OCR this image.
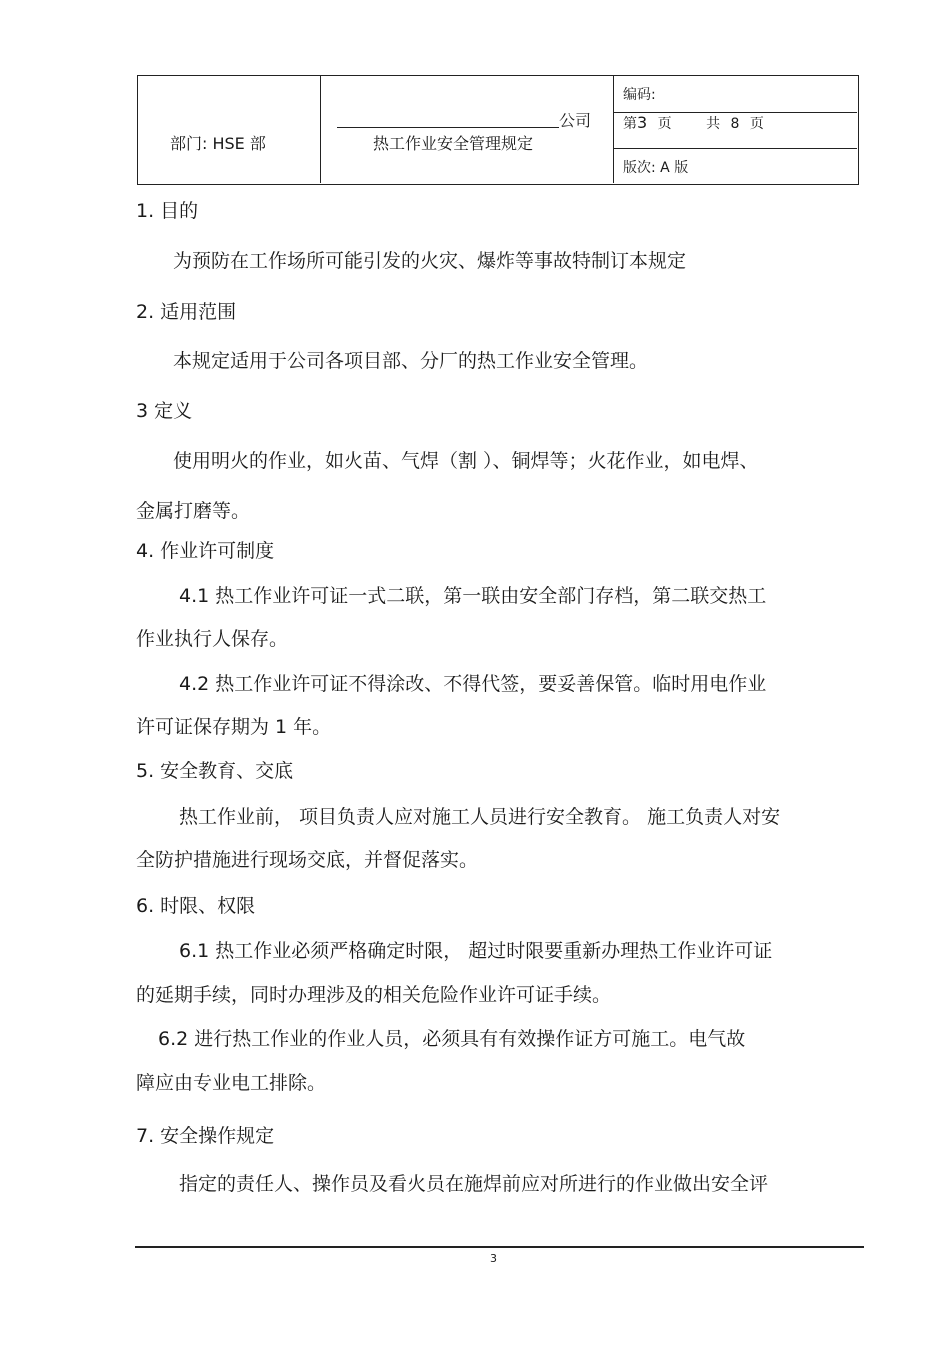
部门: HSE 部
公司
热工作业安全管理规定
编码:
第3 页 共 8 页
版次: A 版
1. 目的
为预防在工作场所可能引发的火灾、爆炸等事故特制订本规定
2. 适用范围
本规定适用于公司各项目部、分厂的热工作业安全管理。
3 定义
使用明火的作业，如火苗、气焊（割 ）、铜焊等；火花作业，如电焊、
金属打磨等。
4. 作业许可制度
4.1 热工作业许可证一式二联，第一联由安全部门存档，第二联交热工
作业执行人保存。
4.2 热工作业许可证不得涂改、不得代签，要妥善保管。临时用电作业
许可证保存期为 1 年。
5. 安全教育、交底
热工作业前， 项目负责人应对施工人员进行安全教育。 施工负责人对安
全防护措施进行现场交底，并督促落实。
6. 时限、权限
6.1 热工作业必须严格确定时限， 超过时限要重新办理热工作业许可证
的延期手续，同时办理涉及的相关危险作业许可证手续。
6.2 进行热工作业的作业人员，必须具有有效操作证方可施工。电气故
障应由专业电工排除。
7. 安全操作规定
指定的责任人、操作员及看火员在施焊前应对所进行的作业做出安全评
3
